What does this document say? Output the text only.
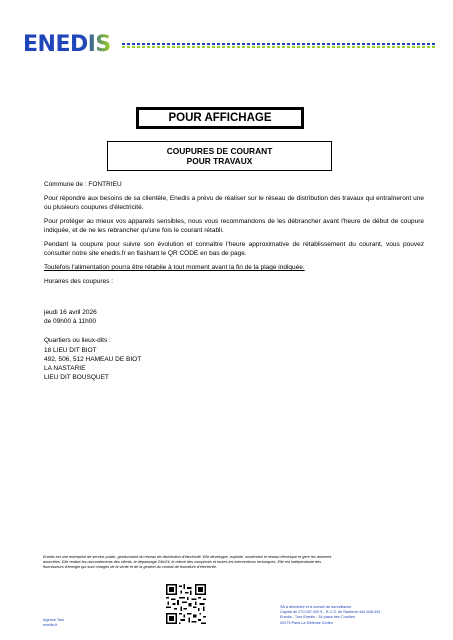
ENEDIS
POUR AFFICHAGE
COUPURES DE COURANT
POUR TRAVAUX

Commune de : FONTRIEU

Pour répondre aux besoins de sa clientèle, Enedis a prévu de réaliser sur le réseau de distribution des travaux qui entraîneront une ou plusieurs coupures d'électricité.

Pour protéger au mieux vos appareils sensibles, nous vous recommandons de les débrancher avant l'heure de début de coupure indiquée, et de ne les rebrancher qu'une fois le courant rétabli.

Pendant la coupure pour suivre son évolution et connaître l'heure approximative de rétablissement du courant, vous pouvez consulter notre site enedis.fr en flashant le QR CODE en bas de page.

Toutefois l'alimentation pourra être rétablie à tout moment avant la fin de la plage indiquée.

Horaires des coupures :

jeudi 16 avril 2026
de 09h00 à 11h00
Quartiers ou lieux-dits :
18 LIEU DIT BIOT
492, 506, 512 HAMEAU DE BIOT
LA NASTARIE
LIEU DIT BOUSQUET
Enedis est une entreprise de service public, gestionnaire du réseau de distribution d'électricité. Elle développe, exploite, modernise le réseau électrique et gère les données
associées. Elle réalise les raccordements des clients, le dépannage 24h/24, le relevé des compteurs et toutes les interventions techniques. Elle est indépendante des
fournisseurs d'énergie qui sont chargés de la vente et de la gestion du contrat de fourniture d'électricité.
Agence Tarn
enedis.fr
SA à directoire et à conseil de surveillance
Capital de 270 037 000 € - R.C.S. de Nanterre 444 608 443
Enedis - Tour Enedis - 34 place des Corolles
92079 Paris La Défense Cedex
